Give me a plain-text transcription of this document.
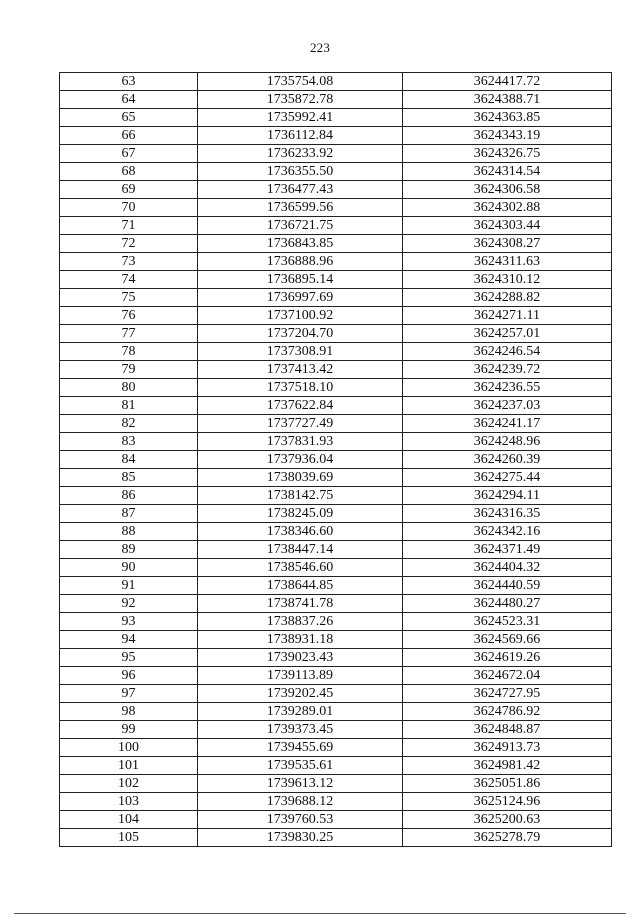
223
63	1735754.08	3624417.72
64	1735872.78	3624388.71
65	1735992.41	3624363.85
66	1736112.84	3624343.19
67	1736233.92	3624326.75
68	1736355.50	3624314.54
69	1736477.43	3624306.58
70	1736599.56	3624302.88
71	1736721.75	3624303.44
72	1736843.85	3624308.27
73	1736888.96	3624311.63
74	1736895.14	3624310.12
75	1736997.69	3624288.82
76	1737100.92	3624271.11
77	1737204.70	3624257.01
78	1737308.91	3624246.54
79	1737413.42	3624239.72
80	1737518.10	3624236.55
81	1737622.84	3624237.03
82	1737727.49	3624241.17
83	1737831.93	3624248.96
84	1737936.04	3624260.39
85	1738039.69	3624275.44
86	1738142.75	3624294.11
87	1738245.09	3624316.35
88	1738346.60	3624342.16
89	1738447.14	3624371.49
90	1738546.60	3624404.32
91	1738644.85	3624440.59
92	1738741.78	3624480.27
93	1738837.26	3624523.31
94	1738931.18	3624569.66
95	1739023.43	3624619.26
96	1739113.89	3624672.04
97	1739202.45	3624727.95
98	1739289.01	3624786.92
99	1739373.45	3624848.87
100	1739455.69	3624913.73
101	1739535.61	3624981.42
102	1739613.12	3625051.86
103	1739688.12	3625124.96
104	1739760.53	3625200.63
105	1739830.25	3625278.79
